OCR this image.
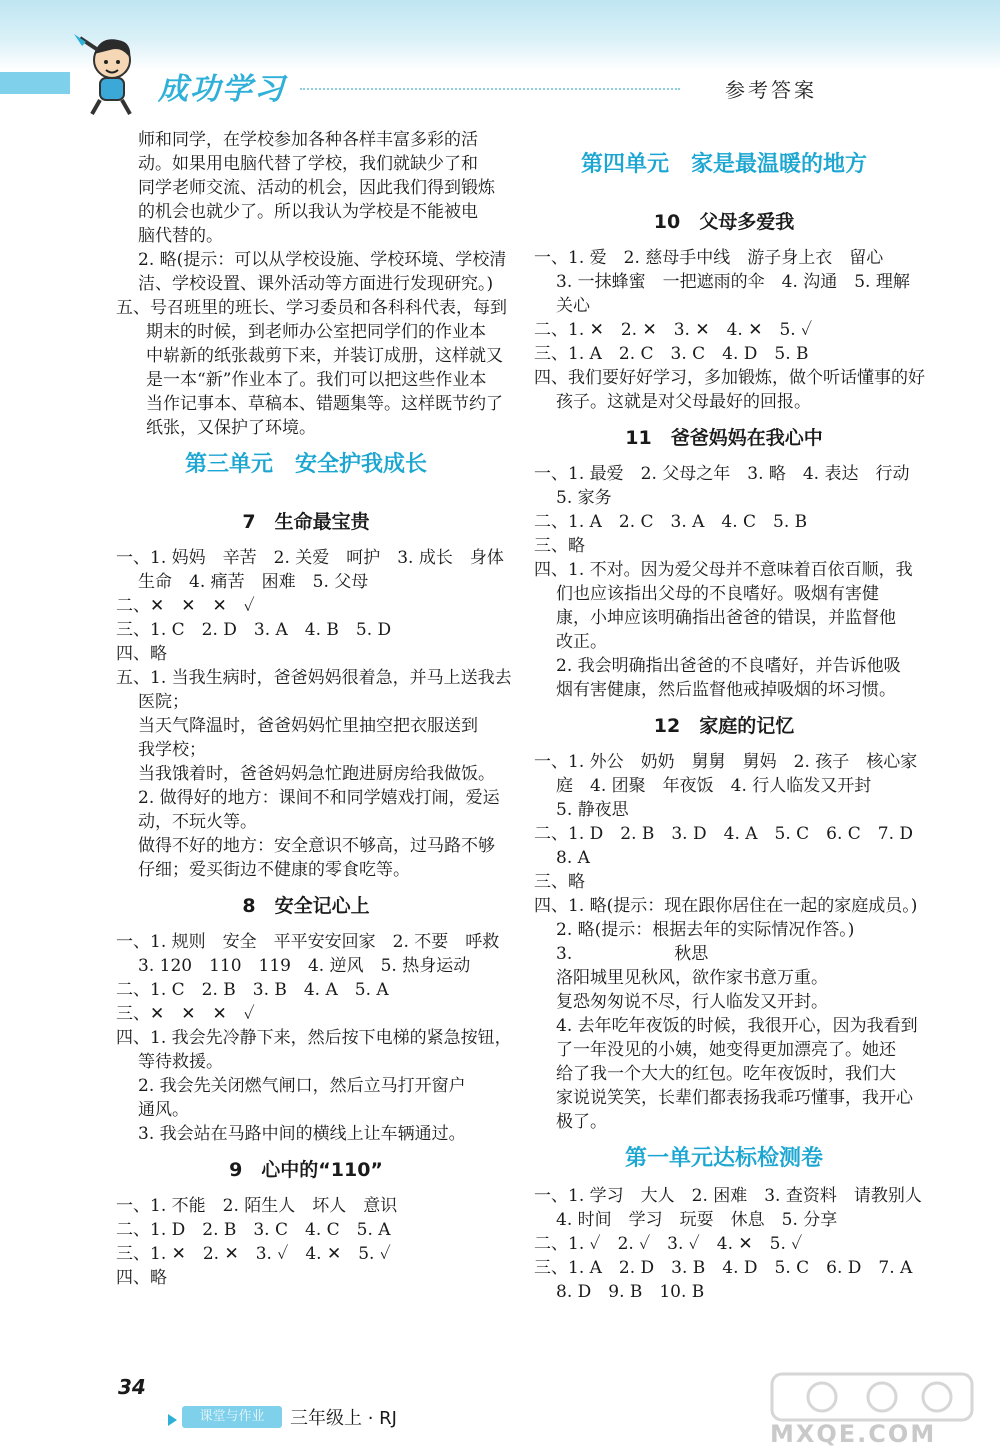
成功学习	参考答案
师和同学，在学校参加各种各样丰富多彩的活
动。如果用电脑代替了学校，我们就缺少了和
同学老师交流、活动的机会，因此我们得到锻炼
的机会也就少了。所以我认为学校是不能被电
脑代替的。
2. 略(提示：可以从学校设施、学校环境、学校清
洁、学校设置、课外活动等方面进行发现研究。)
五、号召班里的班长、学习委员和各科科代表，每到
期末的时候，到老师办公室把同学们的作业本
中崭新的纸张裁剪下来，并装订成册，这样就又
是一本“新”作业本了。我们可以把这些作业本
当作记事本、草稿本、错题集等。这样既节约了
纸张，又保护了环境。
第三单元　安全护我成长
7　生命最宝贵
一、1. 妈妈　辛苦　2. 关爱　呵护　3. 成长　身体
生命　4. 痛苦　困难　5. 父母
二、✕　✕　✕　✓
三、1. C　2. D　3. A　4. B　5. D
四、略
五、1. 当我生病时，爸爸妈妈很着急，并马上送我去
医院；
当天气降温时，爸爸妈妈忙里抽空把衣服送到
我学校；
当我饿着时，爸爸妈妈急忙跑进厨房给我做饭。
2. 做得好的地方：课间不和同学嬉戏打闹，爱运
动，不玩火等。
做得不好的地方：安全意识不够高，过马路不够
仔细；爱买街边不健康的零食吃等。
8　安全记心上
一、1. 规则　安全　平平安安回家　2. 不要　呼救
3. 120　110　119　4. 逆风　5. 热身运动
二、1. C　2. B　3. B　4. A　5. A
三、✕　✕　✕　✓
四、1. 我会先冷静下来，然后按下电梯的紧急按钮，
等待救援。
2. 我会先关闭燃气闸口，然后立马打开窗户
通风。
3. 我会站在马路中间的横线上让车辆通过。
9　心中的“110”
一、1. 不能　2. 陌生人　坏人　意识
二、1. D　2. B　3. C　4. C　5. A
三、1. ✕　2. ✕　3. ✓　4. ✕　5. ✓
四、略
第四单元　家是最温暖的地方
10　父母多爱我
一、1. 爱　2. 慈母手中线　游子身上衣　留心
3. 一抹蜂蜜　一把遮雨的伞　4. 沟通　5. 理解
关心
二、1. ✕　2. ✕　3. ✕　4. ✕　5. ✓
三、1. A　2. C　3. C　4. D　5. B
四、我们要好好学习，多加锻炼，做个听话懂事的好
孩子。这就是对父母最好的回报。
11　爸爸妈妈在我心中
一、1. 最爱　2. 父母之年　3. 略　4. 表达　行动
5. 家务
二、1. A　2. C　3. A　4. C　5. B
三、略
四、1. 不对。因为爱父母并不意味着百依百顺，我
们也应该指出父母的不良嗜好。吸烟有害健
康，小坤应该明确指出爸爸的错误，并监督他
改正。
2. 我会明确指出爸爸的不良嗜好，并告诉他吸
烟有害健康，然后监督他戒掉吸烟的坏习惯。
12　家庭的记忆
一、1. 外公　奶奶　舅舅　舅妈　2. 孩子　核心家
庭　4. 团聚　年夜饭　4. 行人临发又开封
5. 静夜思
二、1. D　2. B　3. D　4. A　5. C　6. C　7. D
8. A
三、略
四、1. 略(提示：现在跟你居住在一起的家庭成员。)
2. 略(提示：根据去年的实际情况作答。)
3.　　　　　　秋思
洛阳城里见秋风，欲作家书意万重。
复恐匆匆说不尽，行人临发又开封。
4. 去年吃年夜饭的时候，我很开心，因为我看到
了一年没见的小姨，她变得更加漂亮了。她还
给了我一个大大的红包。吃年夜饭时，我们大
家说说笑笑，长辈们都表扬我乖巧懂事，我开心
极了。
第一单元达标检测卷
一、1. 学习　大人　2. 困难　3. 查资料　请教别人
4. 时间　学习　玩耍　休息　5. 分享
二、1. ✓　2. ✓　3. ✓　4. ✕　5. ✓
三、1. A　2. D　3. B　4. D　5. C　6. D　7. A
8. D　9. B　10. B
34
课堂与作业	三年级上 · RJ
MXQE.COM
